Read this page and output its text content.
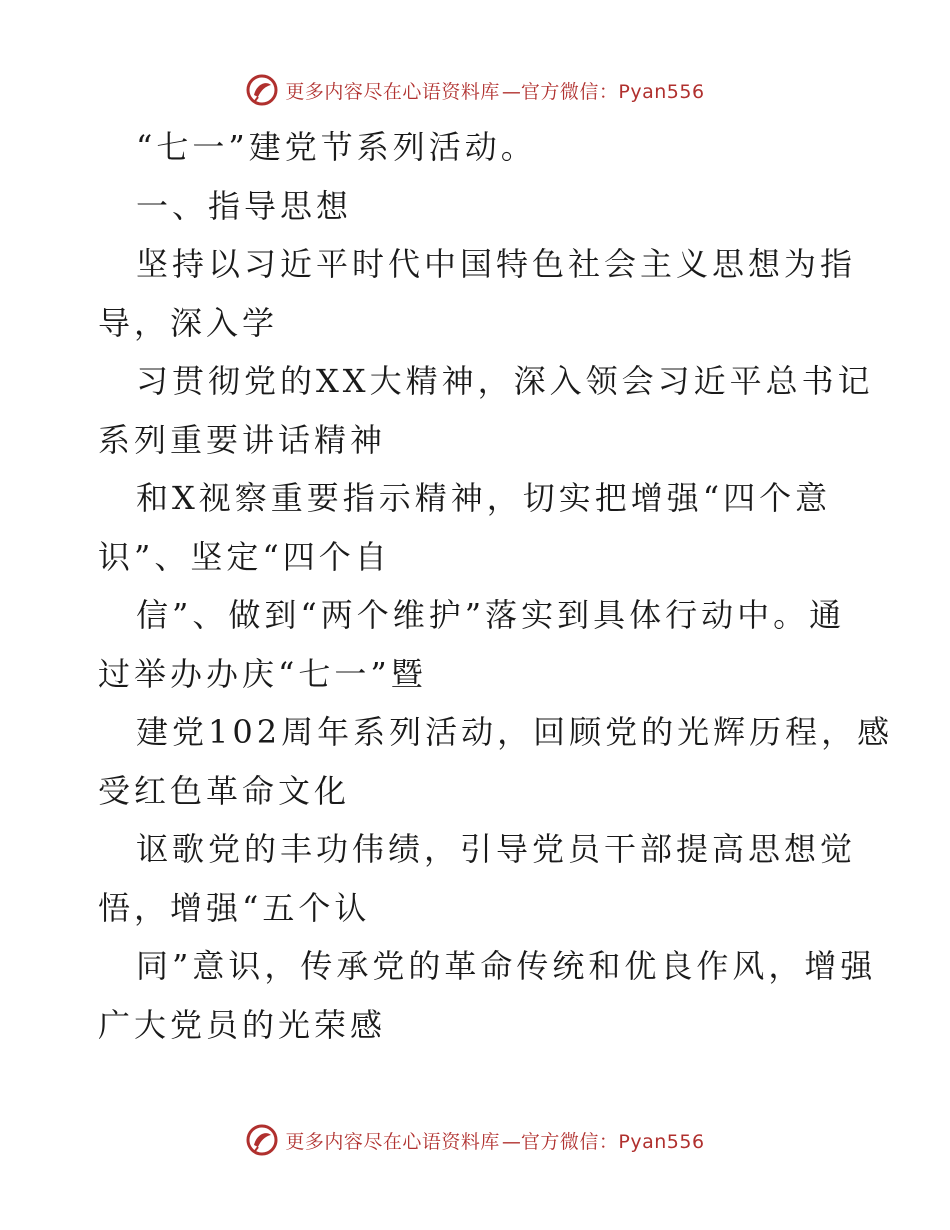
更多内容尽在心语资料库 — 官方微信：Pyan556
“七一”建党节系列活动。
一、指导思想
坚持以习近平时代中国特色社会主义思想为指
导，深入学
习贯彻党的XX大精神，深入领会习近平总书记
系列重要讲话精神
和X视察重要指示精神，切实把增强“四个意
识”、坚定“四个自
信”、做到“两个维护”落实到具体行动中。通
过举办办庆“七一”暨
建党102周年系列活动，回顾党的光辉历程，感
受红色革命文化
讴歌党的丰功伟绩，引导党员干部提高思想觉
悟，增强“五个认
同”意识，传承党的革命传统和优良作风，增强
广大党员的光荣感
更多内容尽在心语资料库 — 官方微信：Pyan556
